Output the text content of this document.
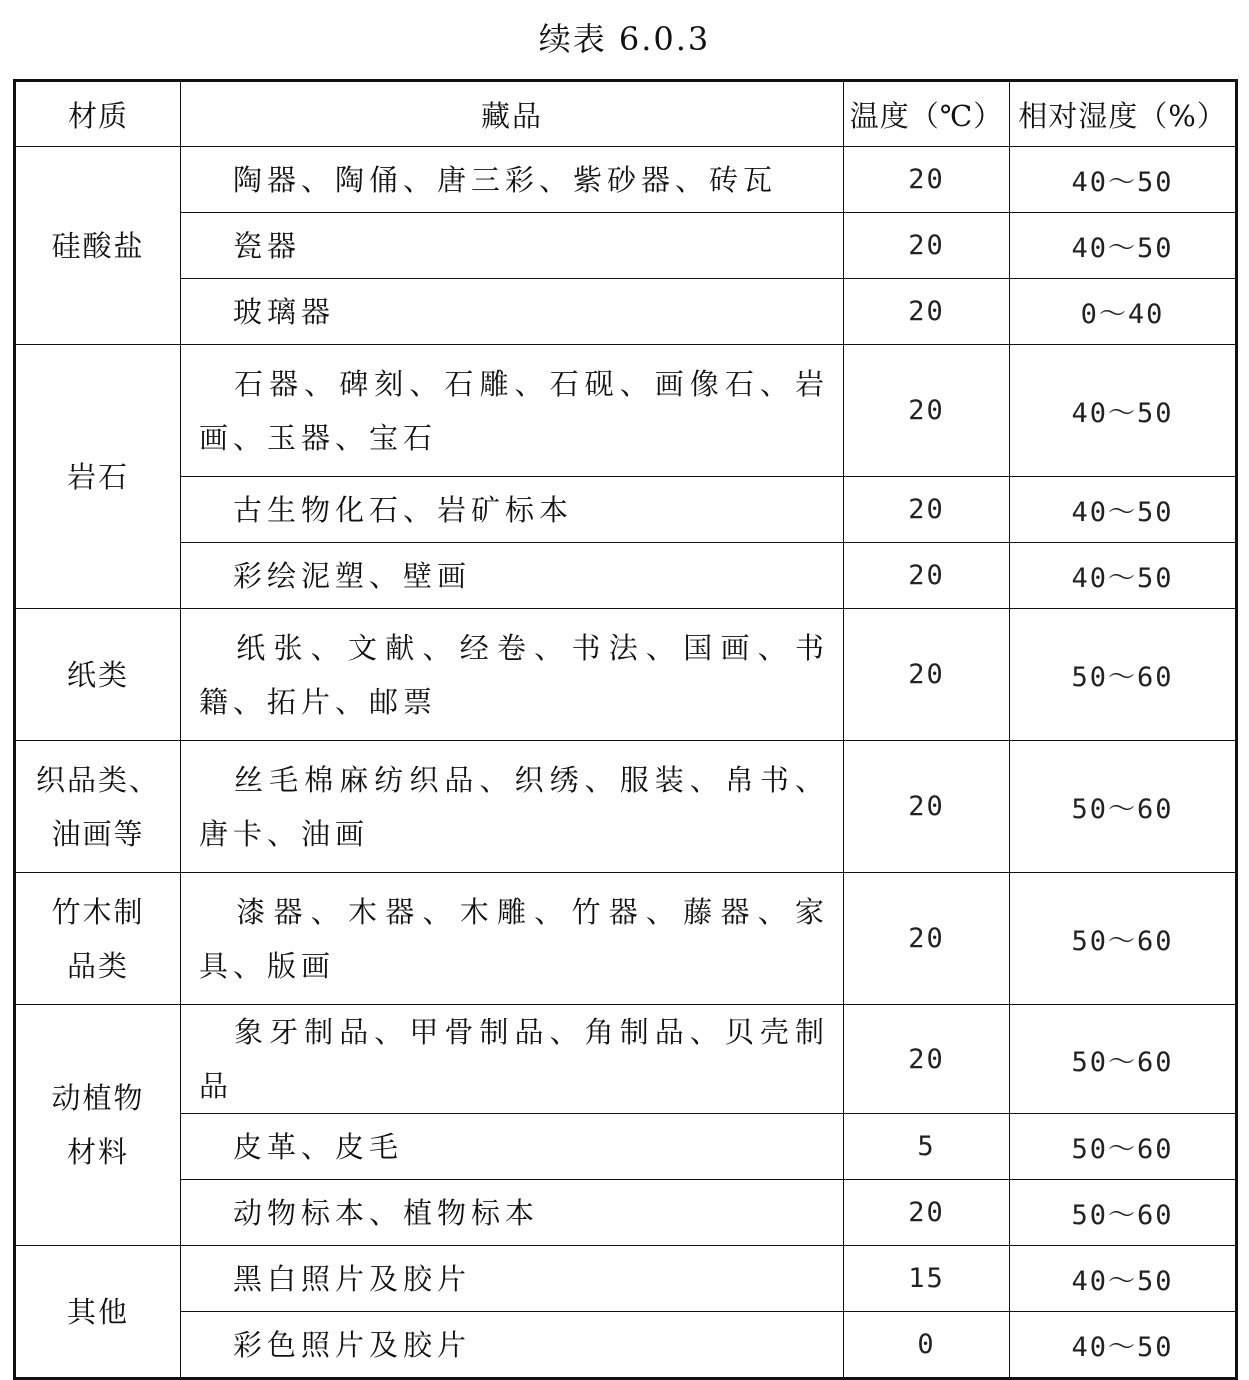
续表 6.0.3
材质	藏品	温度（℃）	相对湿度（%）
硅酸盐	陶器、陶俑、唐三彩、紫砂器、砖瓦	20	40～50
	瓷器	20	40～50
	玻璃器	20	0～40
岩石	石器、碑刻、石雕、石砚、画像石、岩画、玉器、宝石	20	40～50
	古生物化石、岩矿标本	20	40～50
	彩绘泥塑、壁画	20	40～50
纸类	纸张、文献、经卷、书法、国画、书籍、拓片、邮票	20	50～60
织品类、油画等	丝毛棉麻纺织品、织绣、服装、帛书、唐卡、油画	20	50～60
竹木制品类	漆器、木器、木雕、竹器、藤器、家具、版画	20	50～60
动植物材料	象牙制品、甲骨制品、角制品、贝壳制品	20	50～60
	皮革、皮毛	5	50～60
	动物标本、植物标本	20	50～60
其他	黑白照片及胶片	15	40～50
	彩色照片及胶片	0	40～50
